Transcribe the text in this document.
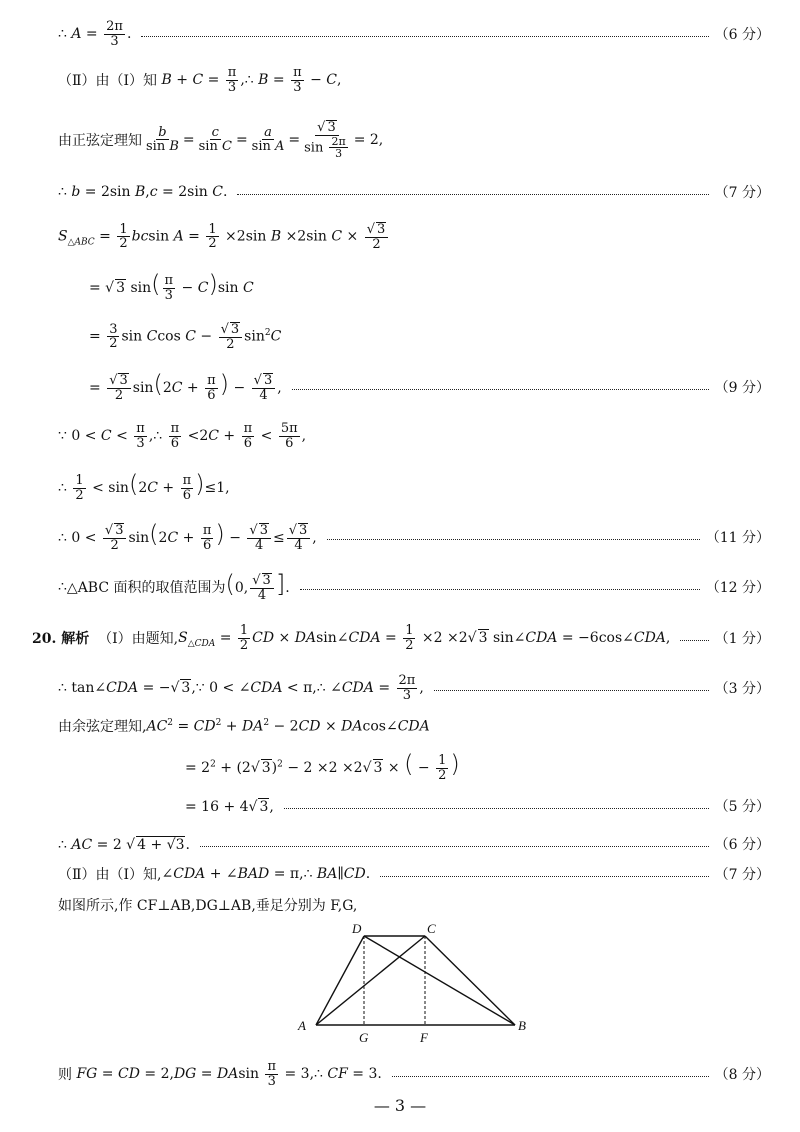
∴ $A = \frac{2\pi}{3}$ .	（6 分）
（Ⅱ）由（Ⅰ）知 $B + C = \frac{\pi}{3}$ ,∴ $B = \frac{\pi}{3} - C$,
由正弦定理知 $\frac{b}{\text{sin B}} = \frac{c}{\text{sin C}} = \frac{a}{\text{sin A}} = \frac{√ 3}{\sin \frac{2\pi}{3}} = 2$,
∴ b = 2sin B,c = 2sin C.	（7 分）
$S_{\triangle ABC} = \frac{1}{2}$ bcsin $A = \frac{1}{2} \times 2\sin$ B ×2sin $C \times \frac{√ 3}{2}$
= √ 3 $\sin( \frac{\pi}{3} - C)\sin$ C
= $\frac{3}{2}$ sin Ccos $C - \frac{√ 3}{2} \sin^2C$
= $\frac{√ 3}{2} \sin(2C + \frac{\pi}{6}$ ) − $\frac{√ 3}{4}$ ,	（9 分）
∵ $0 < C < \frac{\pi}{3}$ ,∴ $\frac{\pi}{6} <2C + \frac{\pi}{6} < \frac{5\pi}{6}$ ,
∴ $\frac{1}{2} < \sin(2C + \frac{\pi}{6} )\le 1$,
∴ $0 < \frac{√ 3}{2} \sin(2C + \frac{\pi}{6}$ ) − $\frac{√ 3}{4} \le \frac{√ 3}{4}$ ,	（11 分）
∴ △ABC 面积的取值范围为 (0, $\frac{√ 3}{4}$ ].	（12 分）
20. 解析
（Ⅰ）由题知, $S_{\triangle CDA} = \frac{1}{2}$ CD × DAsin∠CDA = $\frac{1}{2} \times 2 \times 2√$ 3 sin∠CDA = −6cos∠CDA,	（1 分）
∴ tan∠CDA = −√ 3,∵ 0 < ∠CDA < π,∴ ∠CDA = $\frac{2\pi}{3}$ ,	（3 分）
由余弦定理知, $AC^2 = CD^2 + DA^2 - 2CD$ × DAcos∠CDA
= $2^2 + (2√$ 3)$^2$ − 2 ×2 ×2√ 3 × ( − $\frac{1}{2}$ )
= 16 + 4√ 3,	（5 分）
∴ AC = 2 √ 4 + √3.	（6 分）
（Ⅱ）由（Ⅰ）知, ∠CDA + ∠BAD = π,∴ BA∥CD.	（7 分）
如图所示,作 CF⊥AB,DG⊥AB,垂足分别为 F,G,
D	C
A	B
G	F
则 FG = CD = 2,DG = DAsin $\frac{\pi}{3}$ = 3,∴ CF = 3.	（8 分）
— 3 —
